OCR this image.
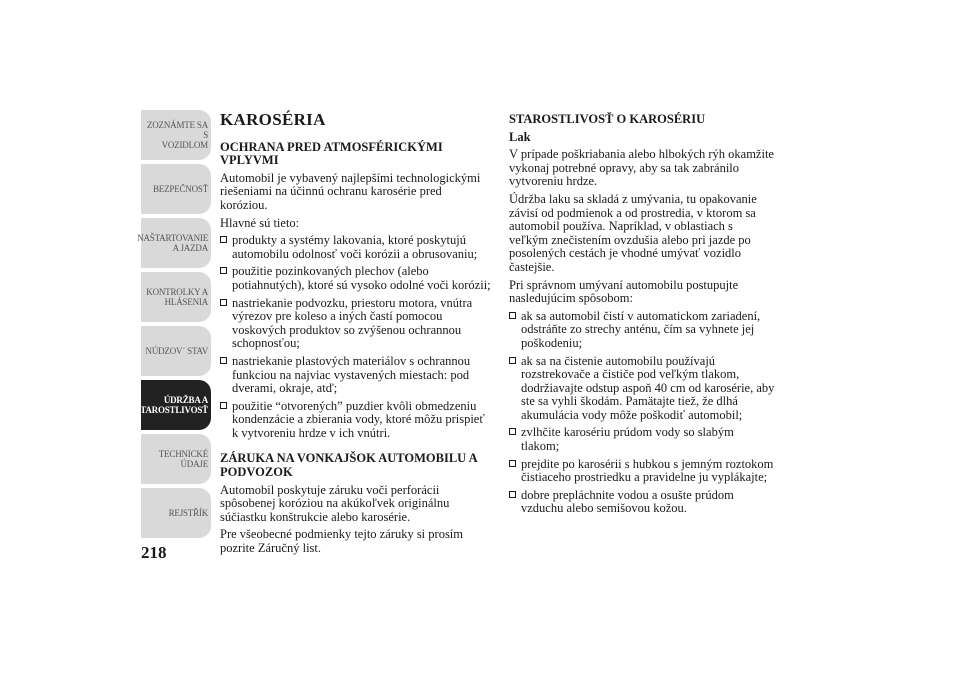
ZOZNÁMTE SA S
VOZIDLOM
BEZPEČNOSŤ
NAŠTARTOVANIE
A JAZDA
KONTROLKY A
HLÁSENIA
NÚDZOV´ STAV
ÚDRŽBA A
STAROSTLIVOSŤ
TECHNICKÉ
ÚDAJE
REJSTŘÍK
218
KAROSÉRIA
OCHRANA PRED ATMOSFÉRICKÝMI VPLYVMI

Automobil je vybavený najlepšími technologickými riešeniami na účinnú ochranu karosérie pred koróziou.

Hlavné sú tieto:

produkty a systémy lakovania, ktoré poskytujú automobilu odolnosť voči korózii a obrusovaniu;
použitie pozinkovaných plechov (alebo potiahnutých), ktoré sú vysoko odolné voči korózii;
nastriekanie podvozku, priestoru motora, vnútra výrezov pre koleso a iných častí pomocou voskových produktov so zvýšenou ochrannou schopnosťou;
nastriekanie plastových materiálov s ochrannou funkciou na najviac vystavených miestach: pod dverami, okraje, atď;
použitie “otvorených” puzdier kvôli obmedzeniu kondenzácie a zbierania vody, ktoré môžu prispieť k vytvoreniu hrdze v ich vnútri.
ZÁRUKA NA VONKAJŠOK AUTOMOBILU A PODVOZOK

Automobil poskytuje záruku voči perforácii spôsobenej koróziou na akúkoľvek originálnu súčiastku konštrukcie alebo karosérie.

Pre všeobecné podmienky tejto záruky si prosím pozrite Záručný list.

STAROSTLIVOSŤ O KAROSÉRIU
Lak

V prípade poškriabania alebo hlbokých rýh okamžite vykonaj potrebné opravy, aby sa tak zabránilo vytvoreniu hrdze.

Údržba laku sa skladá z umývania, tu opakovanie závisí od podmienok a od prostredia, v ktorom sa automobil používa. Napríklad, v oblastiach s veľkým znečistením ovzdušia alebo pri jazde po posolených cestách je vhodné umývať vozidlo častejšie.

Pri správnom umývaní automobilu postupujte nasledujúcim spôsobom:

ak sa automobil čistí v automatickom zariadení, odstráňte zo strechy anténu, čím sa vyhnete jej poškodeniu;
ak sa na čistenie automobilu používajú rozstrekovače a čističe pod veľkým tlakom, dodržiavajte odstup aspoň 40 cm od karosérie, aby ste sa vyhli škodám. Pamätajte tiež, že dlhá akumulácia vody môže poškodiť automobil;
zvlhčite karosériu prúdom vody so slabým tlakom;
prejdite po karosérii s hubkou s jemným roztokom čistiaceho prostriedku a pravidelne ju vyplákajte;
dobre prepláchnite vodou a osušte prúdom vzduchu alebo semišovou kožou.
